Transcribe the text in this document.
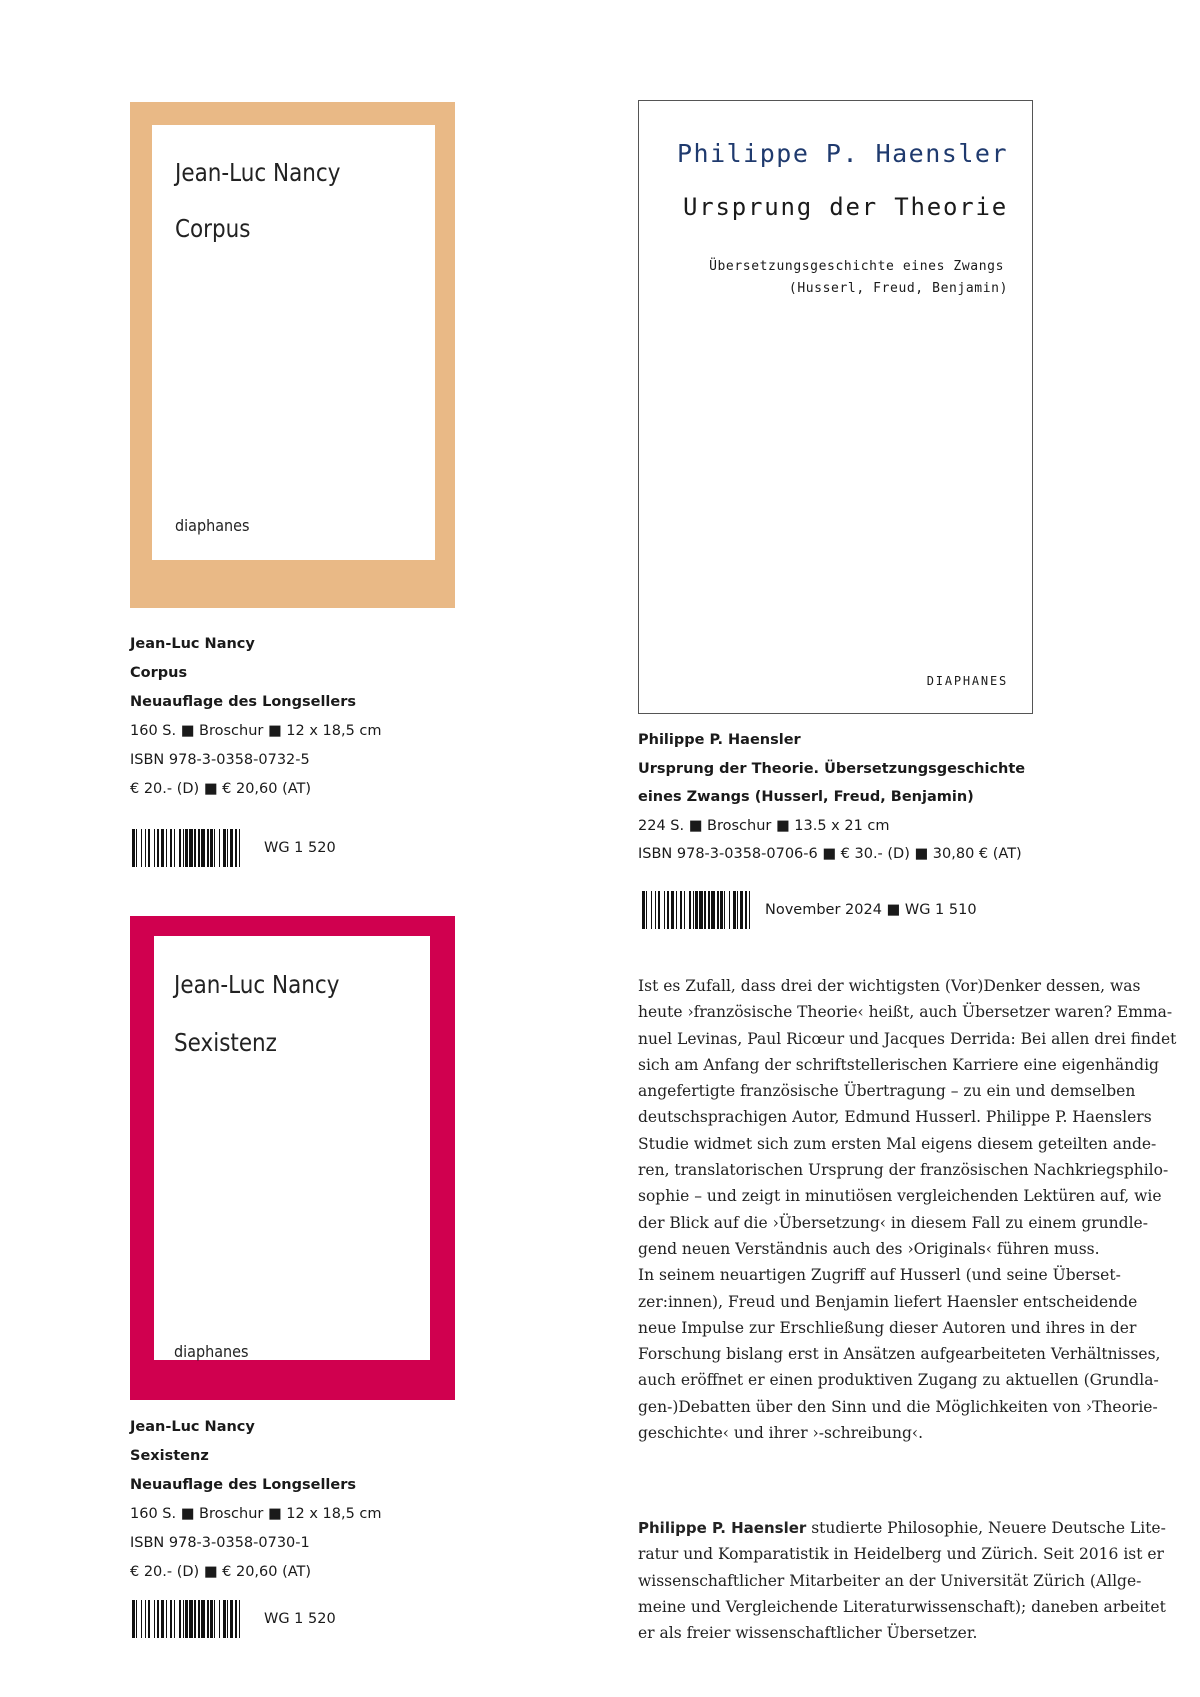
Jean-Luc Nancy
Corpus
diaphanes
Jean-Luc Nancy
Corpus
Neuauflage des Longsellers
160 S. ■ Broschur ■ 12 x 18,5 cm
ISBN 978-3-0358-0732-5
€ 20.- (D) ■ € 20,60 (AT)
WG 1 520
Philippe P. Haensler
Ursprung der Theorie
Übersetzungsgeschichte eines Zwangs
(Husserl, Freud, Benjamin)
DIAPHANES
Philippe P. Haensler
Ursprung der Theorie. Übersetzungsgeschichte
eines Zwangs (Husserl, Freud, Benjamin)
224 S. ■ Broschur ■ 13.5 x 21 cm
ISBN 978-3-0358-0706-6 ■ € 30.- (D) ■ 30,80 € (AT)
November 2024 ■ WG 1 510
Ist es Zufall, dass drei der wichtigsten (Vor)Denker dessen, was
heute ›französische Theorie‹ heißt, auch Übersetzer waren? Emma-
nuel Levinas, Paul Ricœur und Jacques Derrida: Bei allen drei findet
sich am Anfang der schriftstellerischen Karriere eine eigenhändig
angefertigte französische Übertragung – zu ein und demselben
deutschsprachigen Autor, Edmund Husserl. Philippe P. Haenslers
Studie widmet sich zum ersten Mal eigens diesem geteilten ande-
ren, translatorischen Ursprung der französischen Nachkriegsphilo-
sophie – und zeigt in minutiösen vergleichenden Lektüren auf, wie
der Blick auf die ›Übersetzung‹ in diesem Fall zu einem grundle-
gend neuen Verständnis auch des ›Originals‹ führen muss.
In seinem neuartigen Zugriff auf Husserl (und seine Überset-
zer:innen), Freud und Benjamin liefert Haensler entscheidende
neue Impulse zur Erschließung dieser Autoren und ihres in der
Forschung bislang erst in Ansätzen aufgearbeiteten Verhältnisses,
auch eröffnet er einen produktiven Zugang zu aktuellen (Grundla-
gen-)Debatten über den Sinn und die Möglichkeiten von ›Theorie-
geschichte‹ und ihrer ›-schreibung‹.
Philippe P. Haensler studierte Philosophie, Neuere Deutsche Lite-
ratur und Komparatistik in Heidelberg und Zürich. Seit 2016 ist er
wissenschaftlicher Mitarbeiter an der Universität Zürich (Allge-
meine und Vergleichende Literaturwissenschaft); daneben arbeitet
er als freier wissenschaftlicher Übersetzer.
Jean-Luc Nancy
Sexistenz
diaphanes
Jean-Luc Nancy
Sexistenz
Neuauflage des Longsellers
160 S. ■ Broschur ■ 12 x 18,5 cm
ISBN 978-3-0358-0730-1
€ 20.- (D) ■ € 20,60 (AT)
WG 1 520
